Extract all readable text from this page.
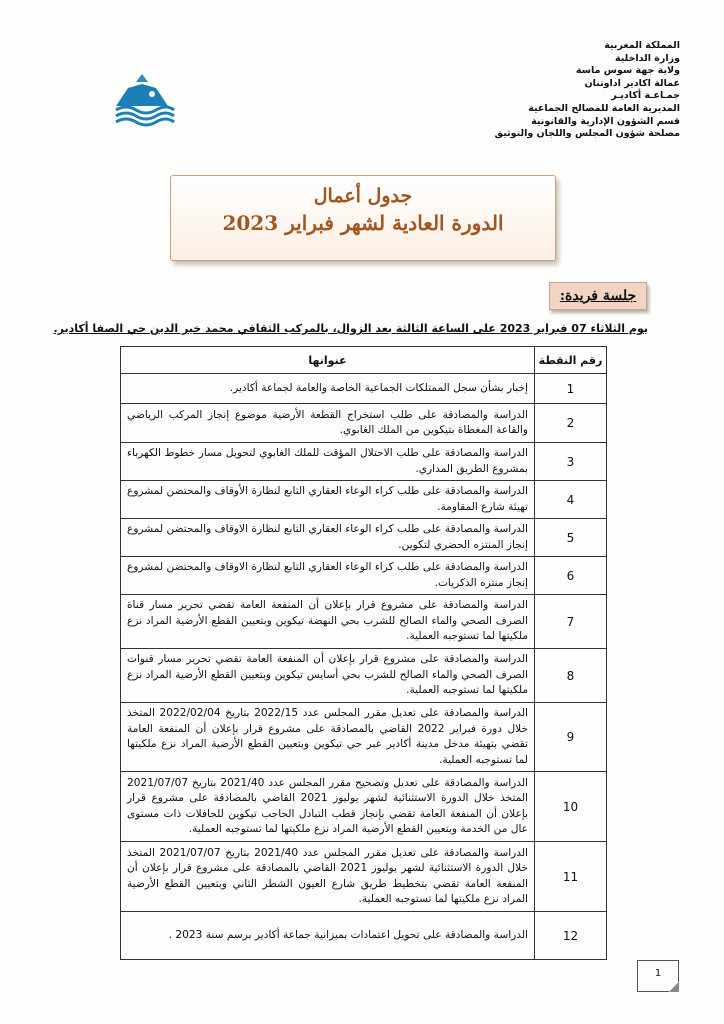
المملكة المغربية
وزارة الداخلية
ولاية جهة سوس ماسة
عمالة اكادير اداوتنان
جمـاعـة أكاديـر
المديرية العامة للمصالح الجماعية
قسم الشؤون الإدارية والقانونية
مصلحة شؤون المجلس واللجان والتوثيق
جدول أعمال
الدورة العادية لشهر فبراير 2023
جلسة فريدة:
يوم الثلاثاء 07 فبراير 2023 على الساعة الثالثة بعد الزوال، بالمركب الثقافي محمد خير الدين حي الصفا أكادير.
رقم النقطة	عنوانها
1	إخبار بشأن سجل الممتلكات الجماعية الخاصة والعامة لجماعة أكادير.
2	الدراسة والمصادقة على طلب استخراج القطعة الأرضية موضوع إنجاز المركب الرياضي والقاعة المغطاة بتيكوين من الملك الغابوي.
3	الدراسة والمصادقة على طلب الاحتلال المؤقت للملك الغابوي لتحويل مسار خطوط الكهرباء بمشروع الطريق المداري.
4	الدراسة والمصادقة على طلب كراء الوعاء العقاري التابع لنظارة الأوقاف والمحتضن لمشروع تهيئة شارع المقاومة.
5	الدراسة والمصادقة على طلب كراء الوعاء العقاري التابع لنظارة الاوقاف والمحتضن لمشروع إنجاز المنتزه الحضري لتكوين.
6	الدراسة والمصادقة على طلب كراء الوعاء العقاري التابع لنظارة الاوقاف والمحتضن لمشروع إنجاز منتزه الذكريات.
7	الدراسة والمصادقة على مشروع قرار بإعلان أن المنفعة العامة تقضي تحرير مسار قناة الصرف الصحي والماء الصالح للشرب بحي النهضة تيكوين وبتعيين القطع الأرضية المراد نزع ملكيتها لما تستوجبه العملية.
8	الدراسة والمصادقة على مشروع قرار بإعلان أن المنفعة العامة تقضي تحرير مسار قنوات الصرف الصحي والماء الصالح للشرب بحي أسايس تيكوين وبتعيين القطع الأرضية المراد نزع ملكيتها لما تستوجبه العملية.
9	الدراسة والمصادقة على تعديل مقرر المجلس عدد 2022/15 بتاريخ 2022/02/04 المتخذ خلال دورة فبراير 2022 القاضي بالمصادقة على مشروع قرار بإعلان أن المنفعة العامة تقضي بتهيئة مدخل مدينة أكادير عبر حي تيكوين وبتعيين القطع الأرضية المراد نزع ملكيتها لما تستوجبه العملية.
10	الدراسة والمصادقة على تعديل وتصحيح مقرر المجلس عدد 2021/40 بتاريخ 2021/07/07 المتخذ خلال الدورة الاستثنائية لشهر يوليوز 2021 القاضي بالمصادقة على مشروع قرار بإعلان أن المنفعة العامة تقضي بإنجاز قطب التبادل الحاجب تيكوين للحافلات ذات مستوى عال من الخدمة وبتعيين القطع الأرضية المراد نزع ملكيتها لما تستوجبه العملية.
11	الدراسة والمصادقة على تعديل مقرر المجلس عدد 2021/40 بتاريخ 2021/07/07 المتخذ خلال الدورة الاستثنائية لشهر يوليوز 2021 القاضي بالمصادقة على مشروع قرار بإعلان أن المنفعة العامة تقضي بتخطيط طريق شارع العيون الشطر الثاني وبتعيين القطع الأرضية المراد نزع ملكيتها لما تستوجبه العملية.
12	الدراسة والمصادقة على تحويل اعتمادات بميزانية جماعة أكادير برسم سنة 2023 .
1
